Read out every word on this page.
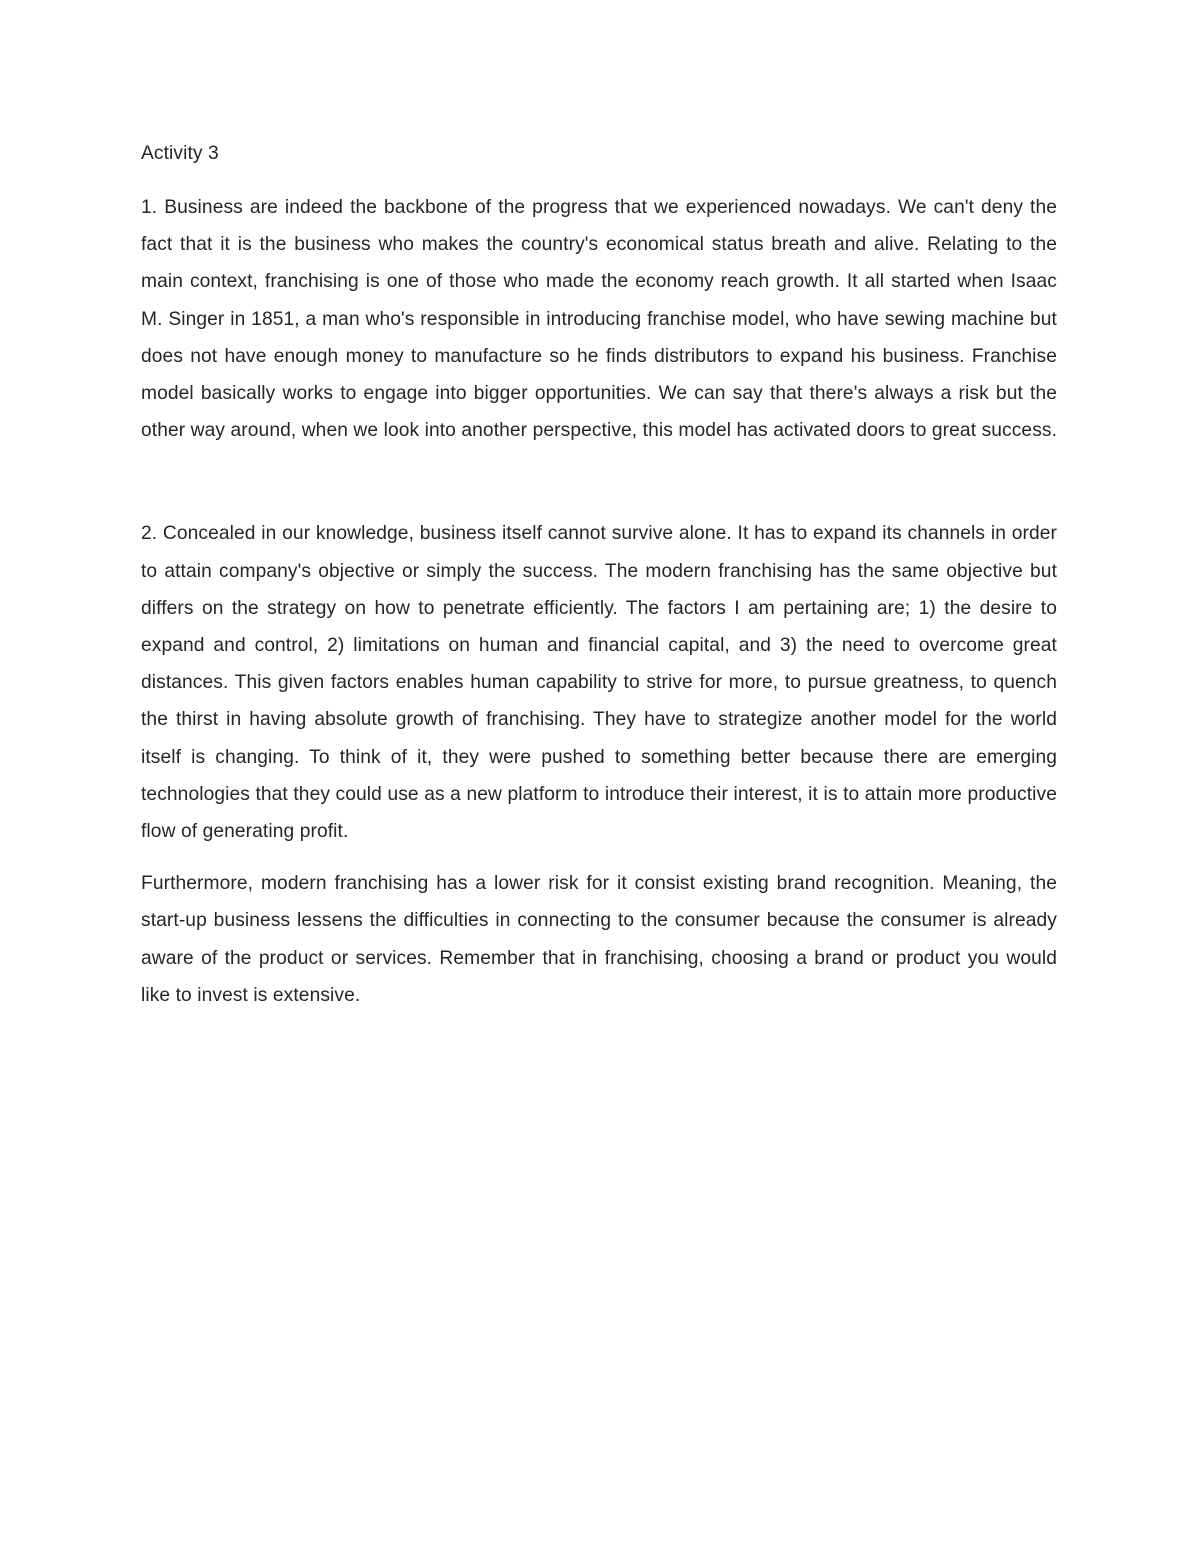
Activity 3

1. Business are indeed the backbone of the progress that we experienced nowadays. We can't deny the fact that it is the business who makes the country's economical status breath and alive. Relating to the main context, franchising is one of those who made the economy reach growth. It all started when Isaac M. Singer in 1851, a man who's responsible in introducing franchise model, who have sewing machine but does not have enough money to manufacture so he finds distributors to expand his business. Franchise model basically works to engage into bigger opportunities. We can say that there's always a risk but the other way around, when we look into another perspective, this model has activated doors to great success.

2. Concealed in our knowledge, business itself cannot survive alone. It has to expand its channels in order to attain company's objective or simply the success. The modern franchising has the same objective but differs on the strategy on how to penetrate efficiently. The factors I am pertaining are; 1) the desire to expand and control, 2) limitations on human and financial capital, and 3) the need to overcome great distances. This given factors enables human capability to strive for more, to pursue greatness, to quench the thirst in having absolute growth of franchising. They have to strategize another model for the world itself is changing. To think of it, they were pushed to something better because there are emerging technologies that they could use as a new platform to introduce their interest, it is to attain more productive flow of generating profit.

Furthermore, modern franchising has a lower risk for it consist existing brand recognition. Meaning, the start-up business lessens the difficulties in connecting to the consumer because the consumer is already aware of the product or services. Remember that in franchising, choosing a brand or product you would like to invest is extensive.
